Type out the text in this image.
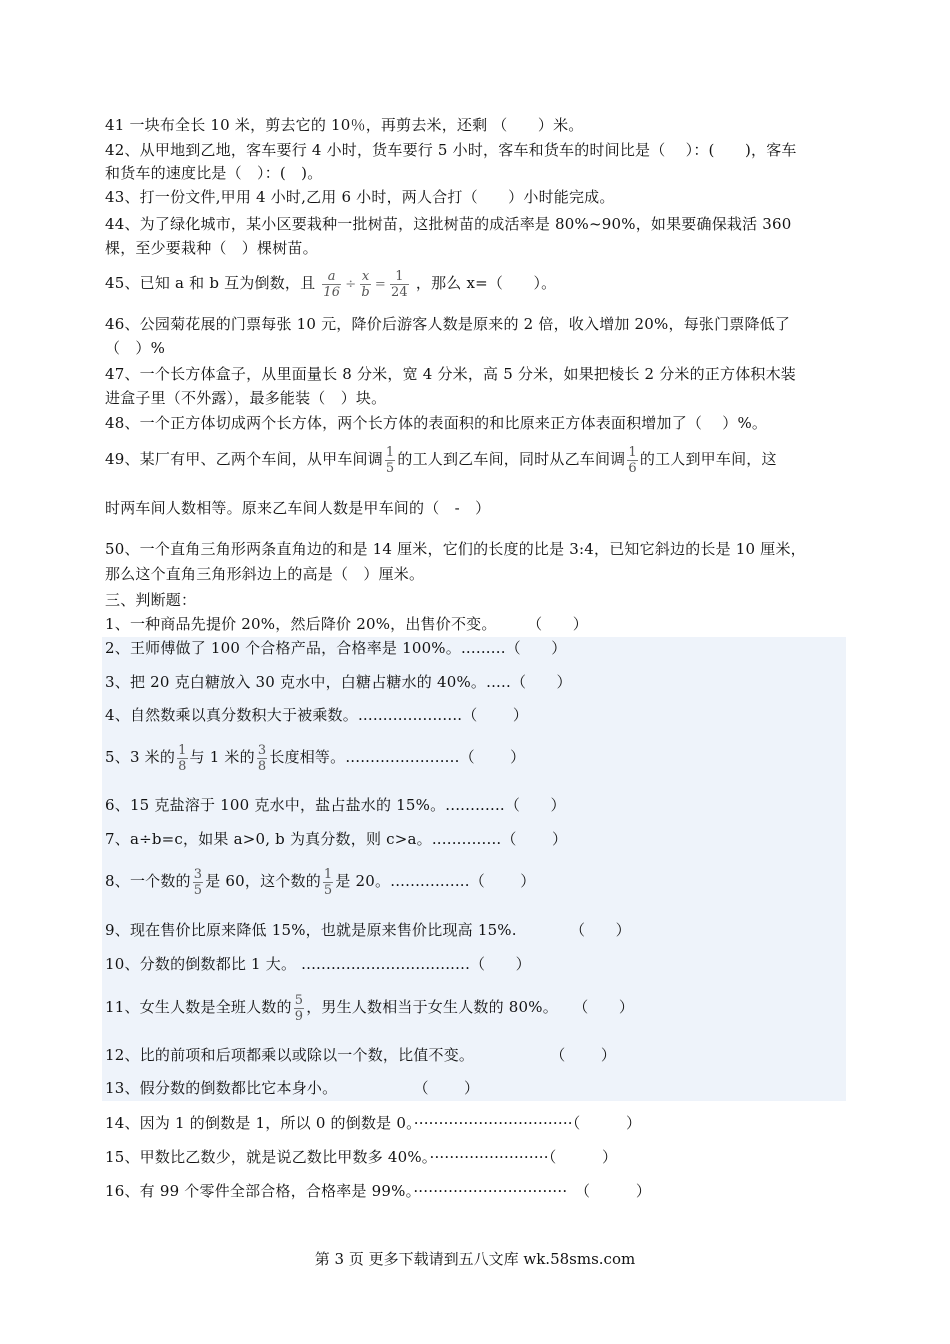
41 一块布全长 10 米，剪去它的 10％，再剪去米，还剩 （　　）米。
42、从甲地到乙地，客车要行 4 小时，货车要行 5 小时，客车和货车的时间比是（　 ）：(　　)，客车
和货车的速度比是（　）：(　)。
43、打一份文件,甲用 4 小时,乙用 6 小时，两人合打（　　）小时能完成。
44、为了绿化城市，某小区要栽种一批树苗，这批树苗的成活率是 80%~90%，如果要确保栽活 360
棵，至少要栽种（　）棵树苗。
45、已知 a 和 b 互为倒数，且 $\frac{a}{16} \div \frac{x}{b} = \frac{1}{24}$ ，那么 x=（　　）。
46、公园菊花展的门票每张 10 元，降价后游客人数是原来的 2 倍，收入增加 20%，每张门票降低了
（　）%
47、一个长方体盒子，从里面量长 8 分米，宽 4 分米，高 5 分米，如果把棱长 2 分米的正方体积木装
进盒子里（不外露），最多能装（　）块。
48、一个正方体切成两个长方体，两个长方体的表面积的和比原来正方体表面积增加了（　 ）%。
49、某厂有甲、乙两个车间，从甲车间调 $\frac{1}{5}$ 的工人到乙车间，同时从乙车间调 $\frac{1}{6}$ 的工人到甲车间，这
时两车间人数相等。原来乙车间人数是甲车间的（　-　）
50、一个直角三角形两条直角边的和是 14 厘米，它们的长度的比是 3:4，已知它斜边的长是 10 厘米，
那么这个直角三角形斜边上的高是（　）厘米。
三、判断题：
1、一种商品先提价 20%，然后降价 20%，出售价不变。　　　（　　）
2、王师傅做了 100 个合格产品，合格率是 100%。.........（　　）
3、把 20 克白糖放入 30 克水中，白糖占糖水的 40%。.....（　　）
4、自然数乘以真分数积大于被乘数。.....................（　　 ）
5、3 米的 $\frac{1}{8}$ 与 1 米的 $\frac{3}{8}$ 长度相等。.......................（　　 ）
6、15 克盐溶于 100 克水中，盐占盐水的 15%。............（　　）
7、a÷b=c，如果 a>0, b 为真分数，则 c>a。..............（　　 ）
8、一个数的 $\frac{3}{5}$ 是 60，这个数的 $\frac{1}{5}$ 是 20。................（　　 ）
9、现在售价比原来降低 15%，也就是原来售价比现高 15%.　　　　（　　）
10、分数的倒数都比 1 大。 ..................................（　　）
11、女生人数是全班人数的 $\frac{5}{9}$ ，男生人数相当于女生人数的 80%。　　（　　）
12、比的前项和后项都乘以或除以一个数，比值不变。　　　　　　（　　 ）
13、假分数的倒数都比它本身小。　　　　　　（　　 ）
14、因为 1 的倒数是 1，所以 0 的倒数是 0。································（　　　）
15、甲数比乙数少，就是说乙数比甲数多 40%。························（　　　）
16、有 99 个零件全部合格，合格率是 99%。·······························　（　　　）
第 3 页 更多下载请到五八文库 wk.58sms.com
